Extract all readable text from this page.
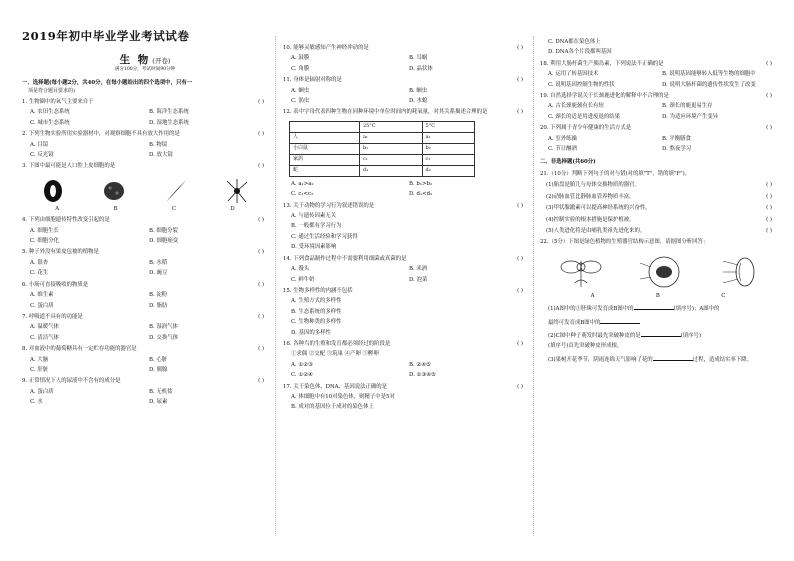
2019年初中毕业学业考试试卷
生 物 (开卷)
满分100分，考试时间90分钟
一、选择题(每小题2分，共40分，在每小题给出的四个选项中，只有一
项是符合题目要求的)
1. 生物圈中的氧气主要来自于	( )
A. 农田生态系统	B. 海洋生态系统
C. 城市生态系统	D. 湿地生态系统
2. 下列生物实验所用实验器材中，对观察细胞不具有放大作用的是	( )
A. 目镜	B. 物镜
C. 反光镜	D. 放大镜
3. 下图中最可能是人口腔上皮细胞的是	( )
A	B	C	D
4. 下列由细胞遗传特性改变引起的是	( )
A. 细胞生长	B. 细胞分裂
C. 细胞分化	D. 细胞癌变
5. 种子外没有果皮包被的植物是	( )
A. 银杏	B. 水稻
C. 花生	D. 豌豆
6. 小肠可直接吸收的物质是	( )
A. 维生素	B. 淀粉
C. 蛋白质	D. 脂肪
7. 呼吸道不具有的功能是	( )
A. 温暖气体	B. 湿润气体
C. 清洁气体	D. 交换气体
8. 对血液中的葡萄糖具有一定贮存功能的器官是	( )
A. 大脑	B. 心脏
C. 肝脏	D. 胰腺
9. 正常情况下人的尿液中不含有的成分是	( )
A. 蛋白质	B. 无机盐
C. 水	D. 尿素
10. 能够灵敏感知产生神经冲动的是	( )
A. 鼓膜	B. 耳蜗
C. 角膜	D. 晶状体
11. 身体是辐射对称的是	( )
A. 蛔虫	B. 蛔虫
C. 涡虫	D. 水螅
12. 表中字母代表四种生物在同种环境中单位时间内的耗氧量，对其关系描述合理的是	( )
	25°C	5°C
人	a₁	a₂
小白鼠	b₁	b₂
家鸽	c₁	c₂
蛇	d₁	d₂
A. a₁>a₂	B. b₁>b₂
C. c₁<c₂	D. d₁<d₂
13. 关于动物的学习行为叙述错误的是	( )
A. 与遗传因素无关
B. 一般都有学习行为
C. 通过生活经验和学习获得
D. 受环境因素影响
14. 下列食品制作过程中不需要利用细菌或真菌的是	( )
A. 馒头	B. 米酒
C. 鲜牛奶	D. 泡菜
15. 生物多样性的内涵不包括	( )
A. 生殖方式的多样性
B. 生态系统的多样性
C. 生物种类的多样性
D. 基因的多样性
16. 各种鸟的生殖和发育都必须经过的阶段是	( )
①求偶 ②交配 ③筑巢 ④产卵 ⑤孵卵
A. ①②③	B. ②④⑤
C. ①②④	D. ①③④⑤
17. 关于染色体、DNA、基因说法正确的是	( )
A. 体细胞中有10对染色体，则精子中是5对
B. 成对的基因位于成对的染色体上
C. DNA都在染色体上
D. DNA各个片段都叫基因
18. 利用大肠杆菌生产胰岛素，下列说法不正确的是	( )
A. 运用了转基因技术	B. 说明基因能够转入低等生物的细胞中
C. 说明基因控制生物的性状	D. 说明大肠杆菌的遗传性状发生了改变
19. 自然选择学说关于长颈鹿进化的解释中不合理的是	( )
A. 古长颈鹿颈有长有短	B. 颈长的鹿更易生存
C. 颈长的适是用进废退的结果	D. 为适应环境产生变异
20. 下列属于青少年健康的生活方式是	( )
A. 室外练操	B. 平衡膳食
C. 节日酗酒	D. 熬夜学习
二、非选择题(共60分)
21.（10分）判断下列句子的对与错(对的填"T"，错的填"F")。
(1)胎盘是胎儿与母体交换物质的器官。	( )
(2)动脉血管比静脉血管养物质丰富。	( )
(3)甲状腺激素可以提高神经系统的兴奋性。	( )
(4)控制实验的根本措施是保护植被。	( )
(5)人类进化将是由哺乳类祖先进化来的。	( )
22.（5分）下图是绿色植物的生殖器官结构示意图，请据图分析回答：
A	B	C
(1)A图中的①胚珠可发育成B图中的	(填序号)；A图中的
最终可发育成B图中的
(2)C图中种子萌发时最先突破种皮的是	(填序号)
(填序号)首先突破种皮形成根。
(3)果树开花季节，阴雨连绵天气影响了花的	过程，造成结实率下降。
